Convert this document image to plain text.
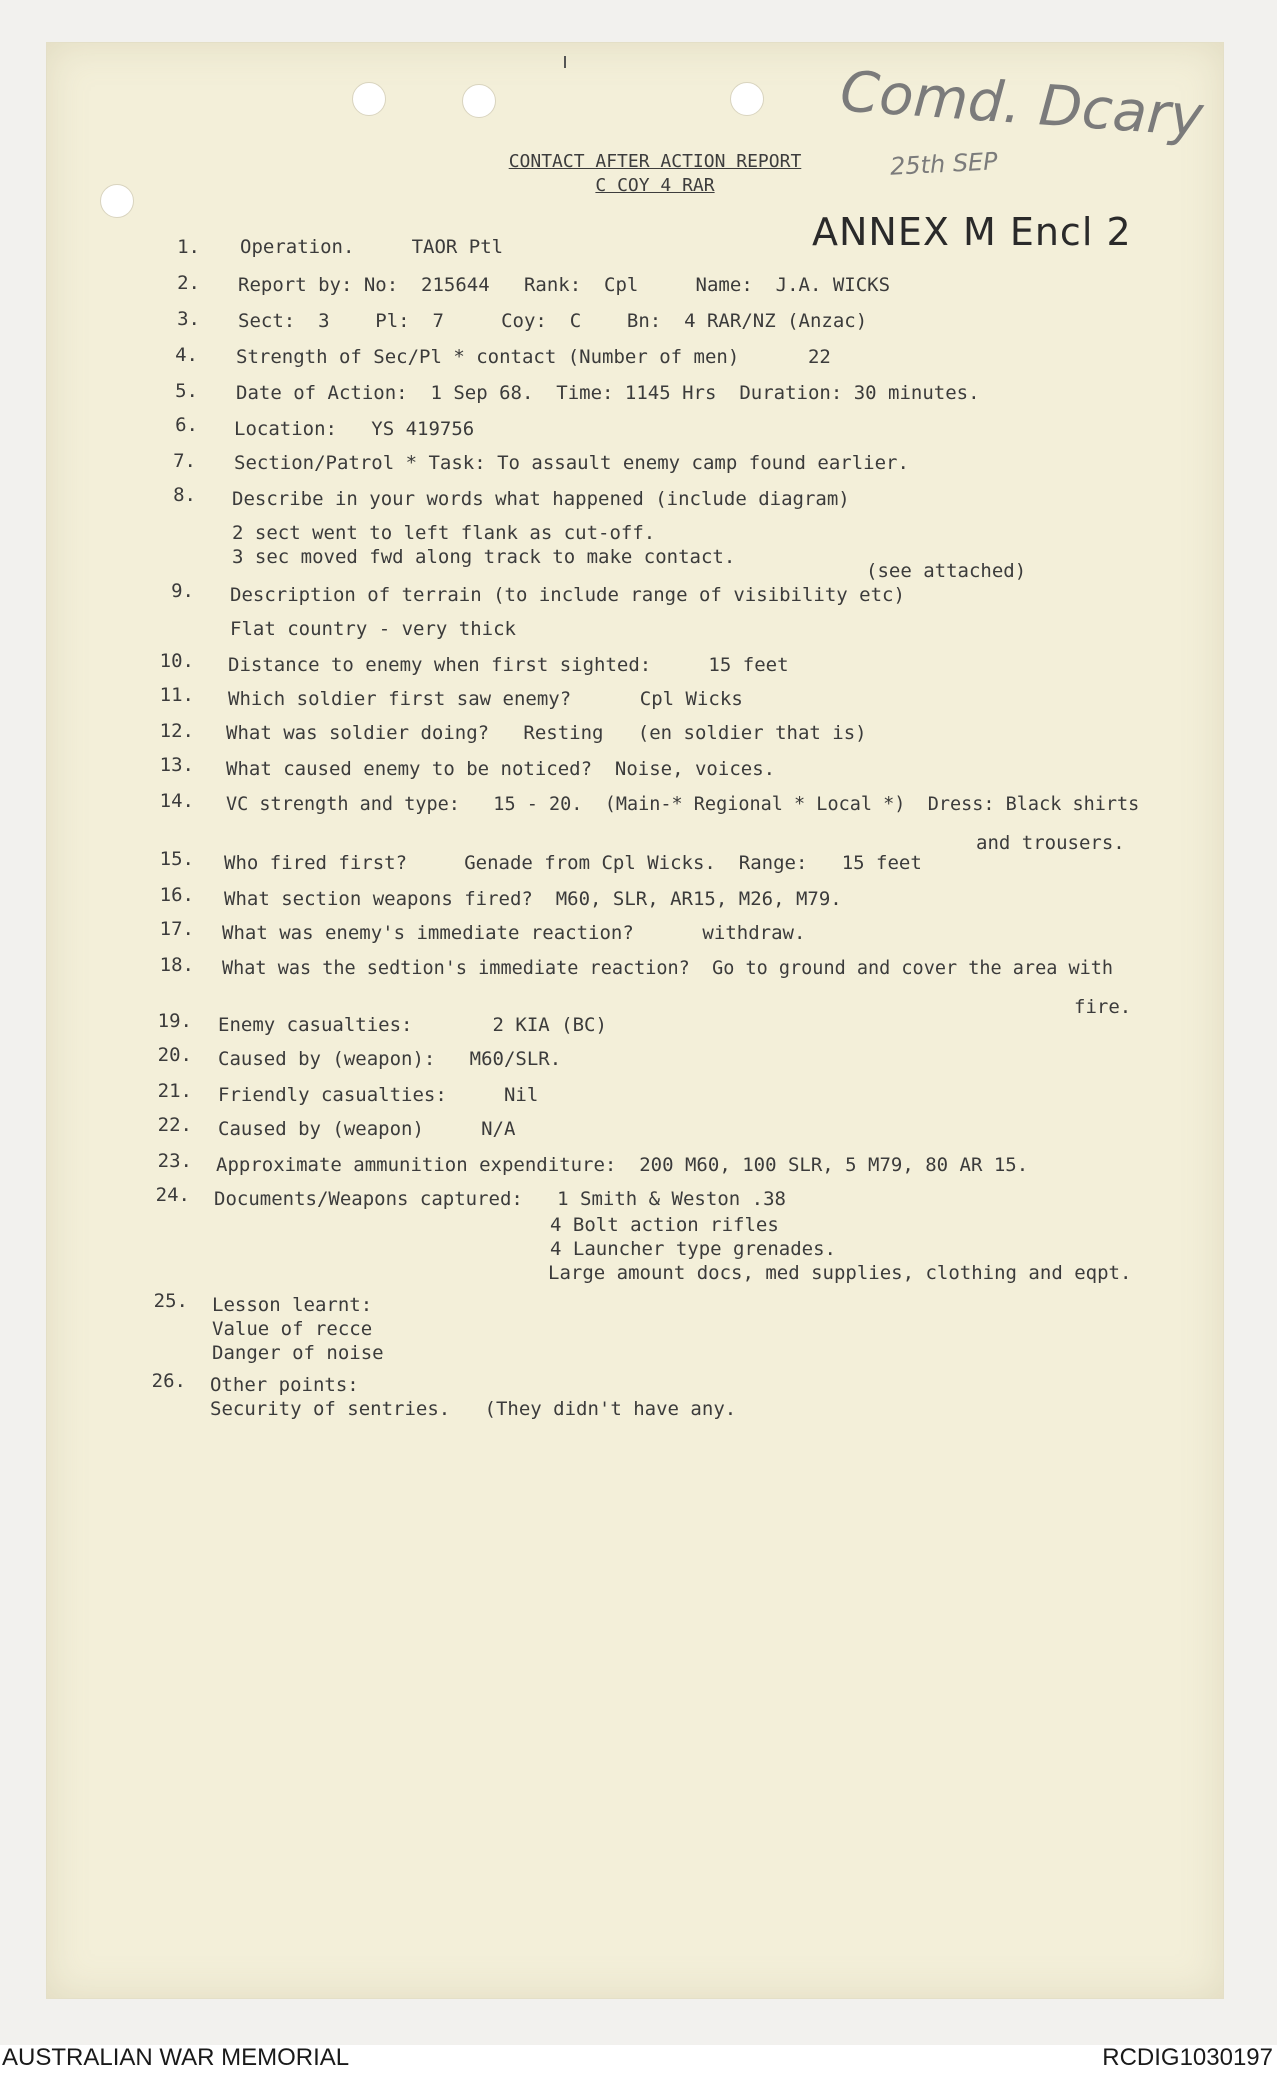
Comd. Dcary
25th SEP
ANNEX M Encl 2
CONTACT AFTER ACTION REPORT
C COY 4 RAR
1. Operation.     TAOR Ptl
2. Report by: No:  215644   Rank:  Cpl     Name:  J.A. WICKS
3. Sect:  3    Pl:  7     Coy:  C    Bn:  4 RAR/NZ (Anzac)
4. Strength of Sec/Pl * contact (Number of men)      22
5. Date of Action:  1 Sep 68.  Time: 1145 Hrs  Duration: 30 minutes.
6. Location:   YS 419756
7. Section/Patrol * Task: To assault enemy camp found earlier.
8. Describe in your words what happened (include diagram)
2 sect went to left flank as cut-off.
3 sec moved fwd along track to make contact.
(see attached)
9. Description of terrain (to include range of visibility etc)
Flat country - very thick
10. Distance to enemy when first sighted:     15 feet
11. Which soldier first saw enemy?      Cpl Wicks
12. What was soldier doing?   Resting   (en soldier that is)
13. What caused enemy to be noticed?  Noise, voices.
14. VC strength and type:   15 - 20.  (Main-* Regional * Local *)  Dress: Black shirts
and trousers.
15. Who fired first?     Genade from Cpl Wicks.  Range:   15 feet
16. What section weapons fired?  M60, SLR, AR15, M26, M79.
17. What was enemy's immediate reaction?      withdraw.
18. What was the sedtion's immediate reaction?  Go to ground and cover the area with
fire.
19. Enemy casualties:       2 KIA (BC)
20. Caused by (weapon):   M60/SLR.
21. Friendly casualties:     Nil
22. Caused by (weapon)     N/A
23. Approximate ammunition expenditure:  200 M60, 100 SLR, 5 M79, 80 AR 15.
24. Documents/Weapons captured:   1 Smith & Weston .38
4 Bolt action rifles
4 Launcher type grenades.
Large amount docs, med supplies, clothing and eqpt.
25. Lesson learnt:
Value of recce
Danger of noise
26. Other points:
Security of sentries.   (They didn't have any.
AUSTRALIAN WAR MEMORIAL	RCDIG1030197
